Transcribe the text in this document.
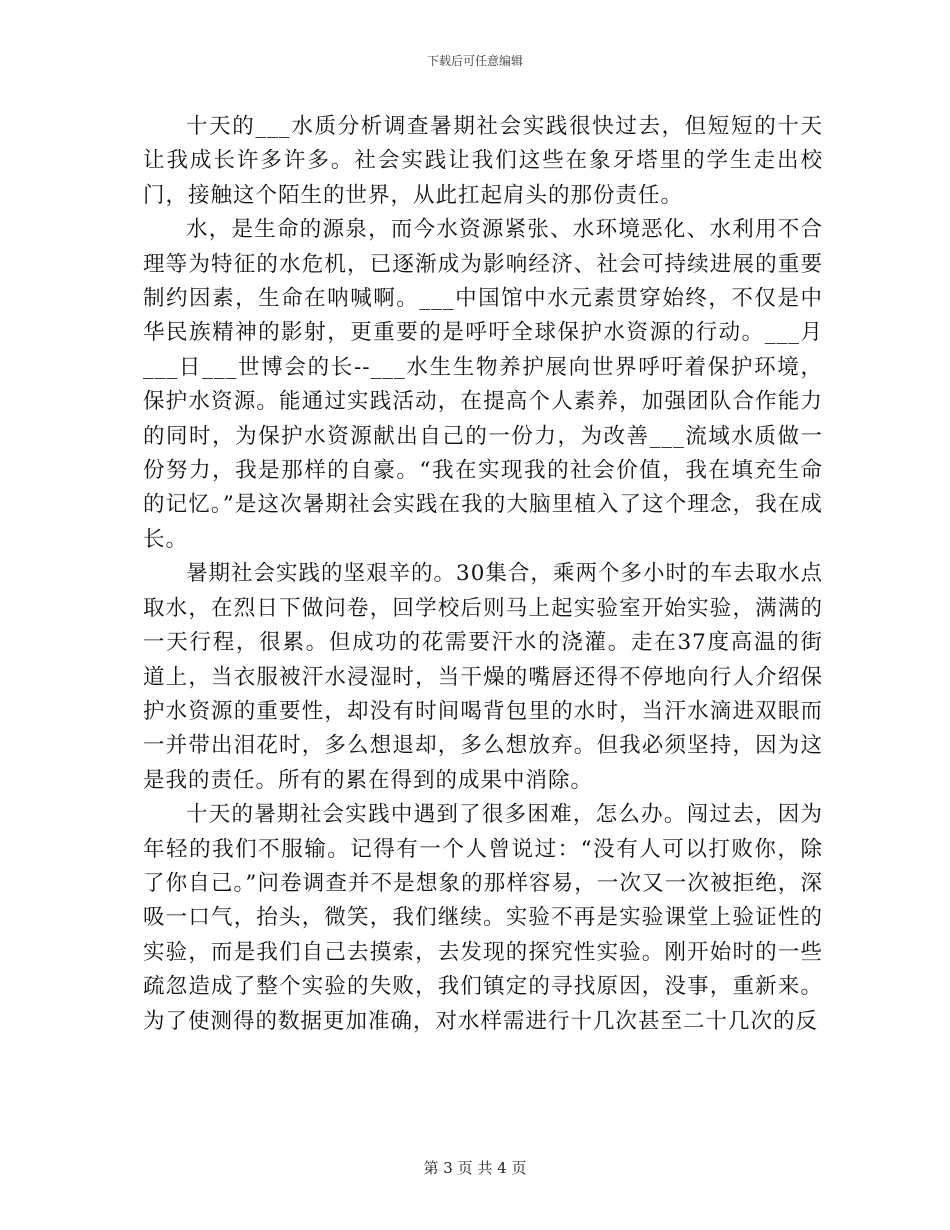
下载后可任意编辑

十天的___水质分析调查暑期社会实践很快过去，但短短的十天让我成长许多许多。社会实践让我们这些在象牙塔里的学生走出校门，接触这个陌生的世界，从此扛起肩头的那份责任。

水，是生命的源泉，而今水资源紧张、水环境恶化、水利用不合理等为特征的水危机，已逐渐成为影响经济、社会可持续进展的重要制约因素，生命在呐喊啊。___中国馆中水元素贯穿始终，不仅是中华民族精神的影射，更重要的是呼吁全球保护水资源的行动。___月___日___世博会的长--___水生生物养护展向世界呼吁着保护环境，保护水资源。能通过实践活动，在提高个人素养，加强团队合作能力的同时，为保护水资源献出自己的一份力，为改善___流域水质做一份努力，我是那样的自豪。“我在实现我的社会价值，我在填充生命的记忆。”是这次暑期社会实践在我的大脑里植入了这个理念，我在成长。

暑期社会实践的坚艰辛的。30集合，乘两个多小时的车去取水点取水，在烈日下做问卷，回学校后则马上起实验室开始实验，满满的一天行程，很累。但成功的花需要汗水的浇灌。走在37度高温的街道上，当衣服被汗水浸湿时，当干燥的嘴唇还得不停地向行人介绍保护水资源的重要性，却没有时间喝背包里的水时，当汗水滴进双眼而一并带出泪花时，多么想退却，多么想放弃。但我必须坚持，因为这是我的责任。所有的累在得到的成果中消除。

十天的暑期社会实践中遇到了很多困难，怎么办。闯过去，因为年轻的我们不服输。记得有一个人曾说过：“没有人可以打败你，除了你自己。”问卷调查并不是想象的那样容易，一次又一次被拒绝，深吸一口气，抬头，微笑，我们继续。实验不再是实验课堂上验证性的实验，而是我们自己去摸索，去发现的探究性实验。刚开始时的一些疏忽造成了整个实验的失败，我们镇定的寻找原因，没事，重新来。为了使测得的数据更加准确，对水样需进行十几次甚至二十几次的反

第 3 页 共 4 页
